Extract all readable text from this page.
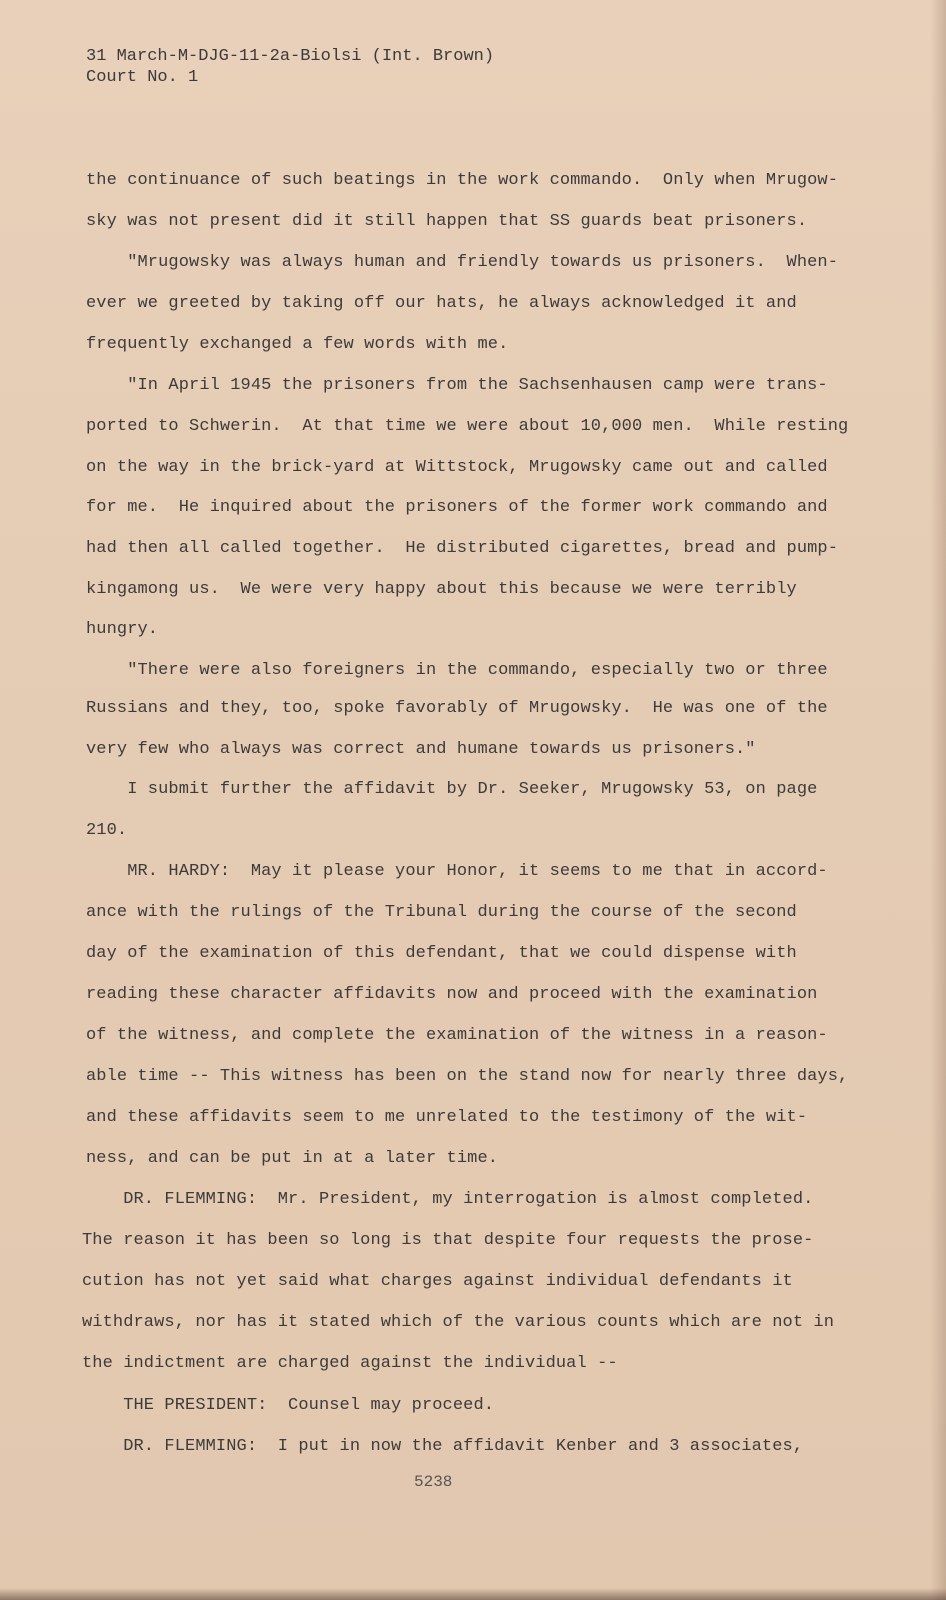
31 March-M-DJG-11-2a-Biolsi (Int. Brown)
Court No. 1
the continuance of such beatings in the work commando.  Only when Mrugow-
sky was not present did it still happen that SS guards beat prisoners.
"Mrugowsky was always human and friendly towards us prisoners.  When-
ever we greeted by taking off our hats, he always acknowledged it and
frequently exchanged a few words with me.
"In April 1945 the prisoners from the Sachsenhausen camp were trans-
ported to Schwerin.  At that time we were about 10,000 men.  While resting
on the way in the brick-yard at Wittstock, Mrugowsky came out and called
for me.  He inquired about the prisoners of the former work commando and
had then all called together.  He distributed cigarettes, bread and pump-
kingamong us.  We were very happy about this because we were terribly
hungry.
"There were also foreigners in the commando, especially two or three
Russians and they, too, spoke favorably of Mrugowsky.  He was one of the
very few who always was correct and humane towards us prisoners."
I submit further the affidavit by Dr. Seeker, Mrugowsky 53, on page
210.
MR. HARDY:  May it please your Honor, it seems to me that in accord-
ance with the rulings of the Tribunal during the course of the second
day of the examination of this defendant, that we could dispense with
reading these character affidavits now and proceed with the examination
of the witness, and complete the examination of the witness in a reason-
able time -- This witness has been on the stand now for nearly three days,
and these affidavits seem to me unrelated to the testimony of the wit-
ness, and can be put in at a later time.
DR. FLEMMING:  Mr. President, my interrogation is almost completed.
The reason it has been so long is that despite four requests the prose-
cution has not yet said what charges against individual defendants it
withdraws, nor has it stated which of the various counts which are not in
the indictment are charged against the individual --
THE PRESIDENT:  Counsel may proceed.
DR. FLEMMING:  I put in now the affidavit Kenber and 3 associates,
5238
